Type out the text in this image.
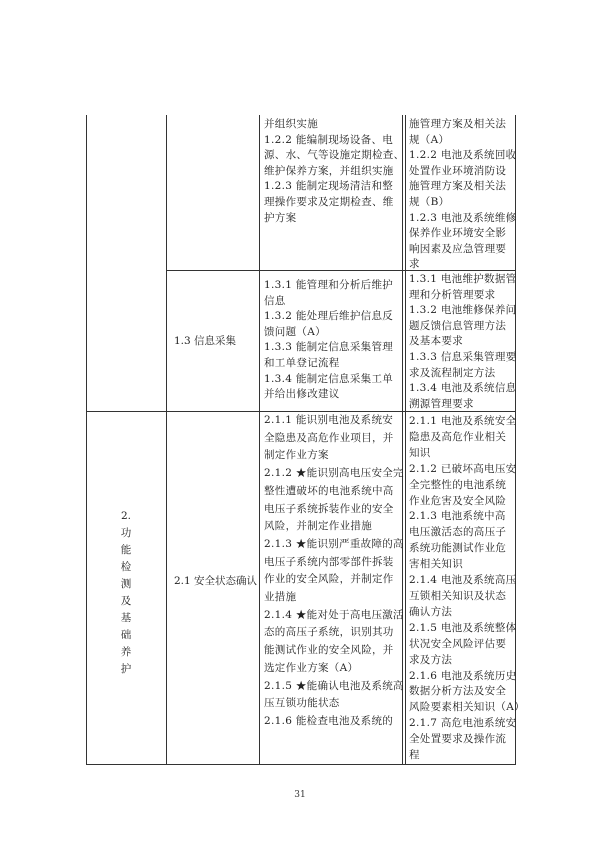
并组织实施
1.2.2 能编制现场设备、电
源、水、气等设施定期检查、
维护保养方案，并组织实施
1.2.3 能制定现场清洁和整
理操作要求及定期检查、维
护方案
施管理方案及相关法
规（A）
1.2.2 电池及系统回收
处置作业环境消防设
施管理方案及相关法
规（B）
1.2.3 电池及系统维修
保养作业环境安全影
响因素及应急管理要
求
1.3 信息采集
1.3.1 能管理和分析后维护
信息
1.3.2 能处理后维护信息反
馈问题（A）
1.3.3 能制定信息采集管理
和工单登记流程
1.3.4 能制定信息采集工单
并给出修改建议
1.3.1 电池维护数据管
理和分析管理要求
1.3.2 电池维修保养问
题反馈信息管理方法
及基本要求
1.3.3 信息采集管理要
求及流程制定方法
1.3.4 电池及系统信息
溯源管理要求
2.
功
能
检
测
及
基
础
养
护
2.1 安全状态确认
2.1.1 能识别电池及系统安
全隐患及高危作业项目，并
制定作业方案
2.1.2 ★能识别高电压安全完
整性遭破坏的电池系统中高
电压子系统拆装作业的安全
风险，并制定作业措施
2.1.3 ★能识别严重故障的高
电压子系统内部零部件拆装
作业的安全风险，并制定作
业措施
2.1.4 ★能对处于高电压激活
态的高压子系统，识别其功
能测试作业的安全风险，并
选定作业方案（A）
2.1.5 ★能确认电池及系统高
压互锁功能状态
2.1.6 能检查电池及系统的
2.1.1 电池及系统安全
隐患及高危作业相关
知识
2.1.2 已破坏高电压安
全完整性的电池系统
作业危害及安全风险
2.1.3 电池系统中高
电压激活态的高压子
系统功能测试作业危
害相关知识
2.1.4 电池及系统高压
互锁相关知识及状态
确认方法
2.1.5 电池及系统整体
状况安全风险评估要
求及方法
2.1.6 电池及系统历史
数据分析方法及安全
风险要素相关知识（A）
2.1.7 高危电池系统安
全处置要求及操作流
程
31
